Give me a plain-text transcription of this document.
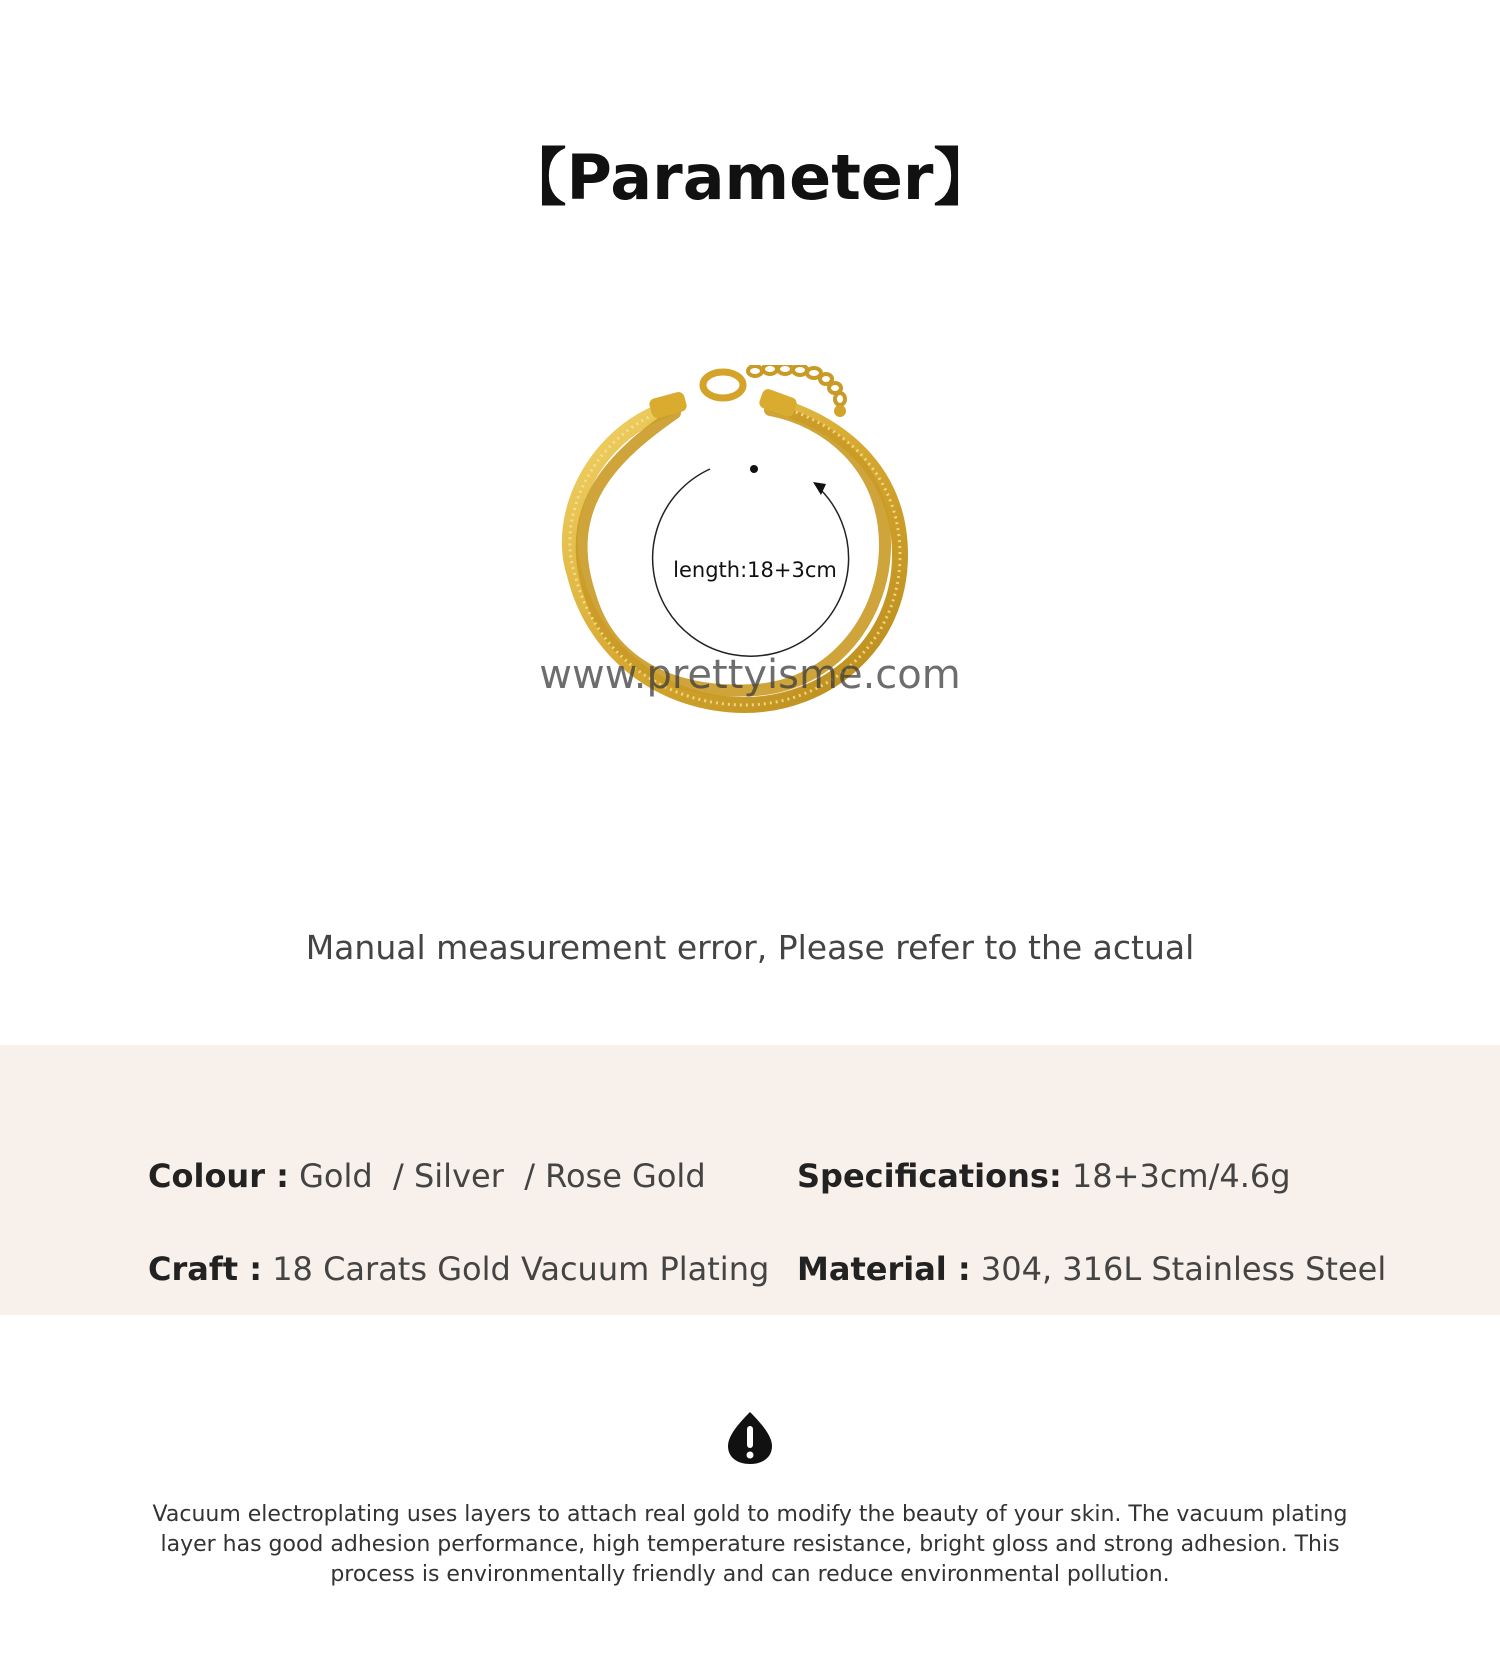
【Parameter】
length:18+3cm
www.prettyisme.com
Manual measurement error, Please refer to the actual
Colour : Gold  / Silver  / Rose Gold	Specifications: 18+3cm/4.6g
Craft : 18 Carats Gold Vacuum Plating Material : 304, 316L Stainless Steel
Vacuum electroplating uses layers to attach real gold to modify the beauty of your skin. The vacuum plating layer has good adhesion performance, high temperature resistance, bright gloss and strong adhesion. This process is environmentally friendly and can reduce environmental pollution.
